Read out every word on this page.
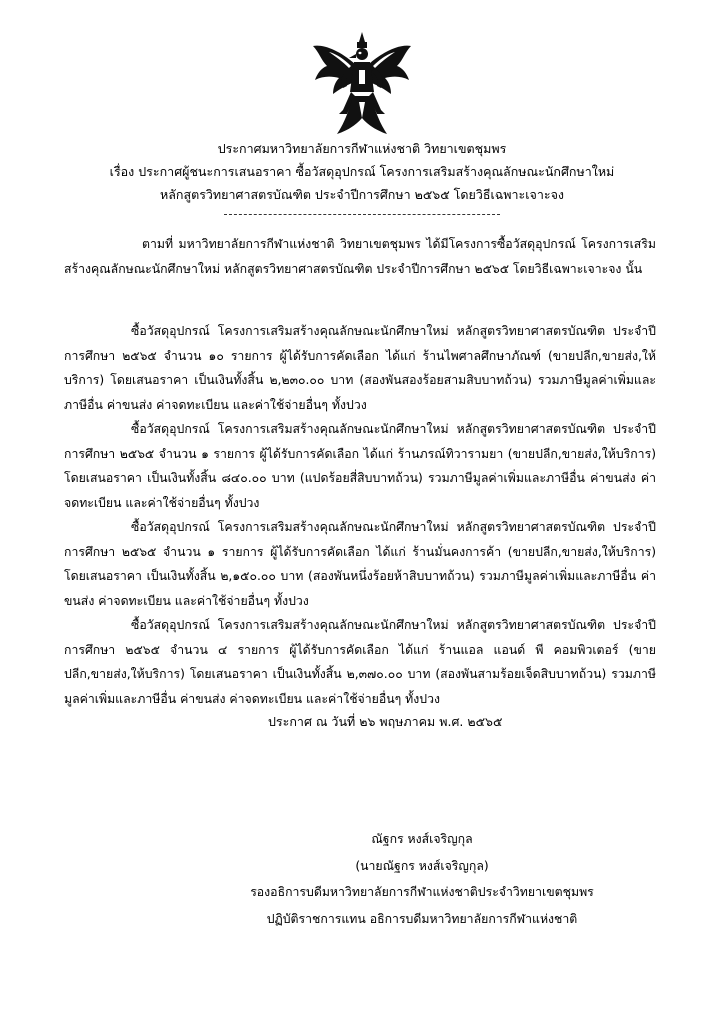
ประกาศมหาวิทยาลัยการกีฬาแห่งชาติ วิทยาเขตชุมพร
เรื่อง ประกาศผู้ชนะการเสนอราคา ซื้อวัสดุอุปกรณ์ โครงการเสริมสร้างคุณลักษณะนักศึกษาใหม่
หลักสูตรวิทยาศาสตรบัณฑิต ประจำปีการศึกษา ๒๕๖๕ โดยวิธีเฉพาะเจาะจง

ตามที่ มหาวิทยาลัยการกีฬาแห่งชาติ วิทยาเขตชุมพร ได้มีโครงการซื้อวัสดุอุปกรณ์ โครงการเสริมสร้างคุณลักษณะนักศึกษาใหม่ หลักสูตรวิทยาศาสตรบัณฑิต ประจำปีการศึกษา ๒๕๖๕ โดยวิธีเฉพาะเจาะจง นั้น

ซื้อวัสดุอุปกรณ์ โครงการเสริมสร้างคุณลักษณะนักศึกษาใหม่ หลักสูตรวิทยาศาสตรบัณฑิต ประจำปีการศึกษา ๒๕๖๕ จำนวน ๑๐ รายการ ผู้ได้รับการคัดเลือก ได้แก่ ร้านไพศาลศึกษาภัณฑ์ (ขายปลีก,ขายส่ง,ให้บริการ) โดยเสนอราคา เป็นเงินทั้งสิ้น ๒,๒๓๐.๐๐ บาท (สองพันสองร้อยสามสิบบาทถ้วน) รวมภาษีมูลค่าเพิ่มและภาษีอื่น ค่าขนส่ง ค่าจดทะเบียน และค่าใช้จ่ายอื่นๆ ทั้งปวง

ซื้อวัสดุอุปกรณ์ โครงการเสริมสร้างคุณลักษณะนักศึกษาใหม่ หลักสูตรวิทยาศาสตรบัณฑิต ประจำปีการศึกษา ๒๕๖๕ จำนวน ๑ รายการ ผู้ได้รับการคัดเลือก ได้แก่ ร้านภรณ์ทิวารามยา (ขายปลีก,ขายส่ง,ให้บริการ) โดยเสนอราคา เป็นเงินทั้งสิ้น ๘๔๐.๐๐ บาท (แปดร้อยสี่สิบบาทถ้วน) รวมภาษีมูลค่าเพิ่มและภาษีอื่น ค่าขนส่ง ค่าจดทะเบียน และค่าใช้จ่ายอื่นๆ ทั้งปวง

ซื้อวัสดุอุปกรณ์ โครงการเสริมสร้างคุณลักษณะนักศึกษาใหม่ หลักสูตรวิทยาศาสตรบัณฑิต ประจำปีการศึกษา ๒๕๖๕ จำนวน ๑ รายการ ผู้ได้รับการคัดเลือก ได้แก่ ร้านมั่นคงการค้า (ขายปลีก,ขายส่ง,ให้บริการ) โดยเสนอราคา เป็นเงินทั้งสิ้น ๒,๑๕๐.๐๐ บาท (สองพันหนึ่งร้อยห้าสิบบาทถ้วน) รวมภาษีมูลค่าเพิ่มและภาษีอื่น ค่าขนส่ง ค่าจดทะเบียน และค่าใช้จ่ายอื่นๆ ทั้งปวง

ซื้อวัสดุอุปกรณ์ โครงการเสริมสร้างคุณลักษณะนักศึกษาใหม่ หลักสูตรวิทยาศาสตรบัณฑิต ประจำปีการศึกษา ๒๕๖๕ จำนวน ๔ รายการ ผู้ได้รับการคัดเลือก ได้แก่ ร้านแอล แอนด์ พี คอมพิวเตอร์ (ขายปลีก,ขายส่ง,ให้บริการ) โดยเสนอราคา เป็นเงินทั้งสิ้น ๒,๓๗๐.๐๐ บาท (สองพันสามร้อยเจ็ดสิบบาทถ้วน) รวมภาษีมูลค่าเพิ่มและภาษีอื่น ค่าขนส่ง ค่าจดทะเบียน และค่าใช้จ่ายอื่นๆ ทั้งปวง

ประกาศ ณ วันที่ ๒๖ พฤษภาคม พ.ศ. ๒๕๖๕
ณัฐกร หงส์เจริญกุล
(นายณัฐกร หงส์เจริญกุล)
รองอธิการบดีมหาวิทยาลัยการกีฬาแห่งชาติประจำวิทยาเขตชุมพร
ปฏิบัติราชการแทน อธิการบดีมหาวิทยาลัยการกีฬาแห่งชาติ
